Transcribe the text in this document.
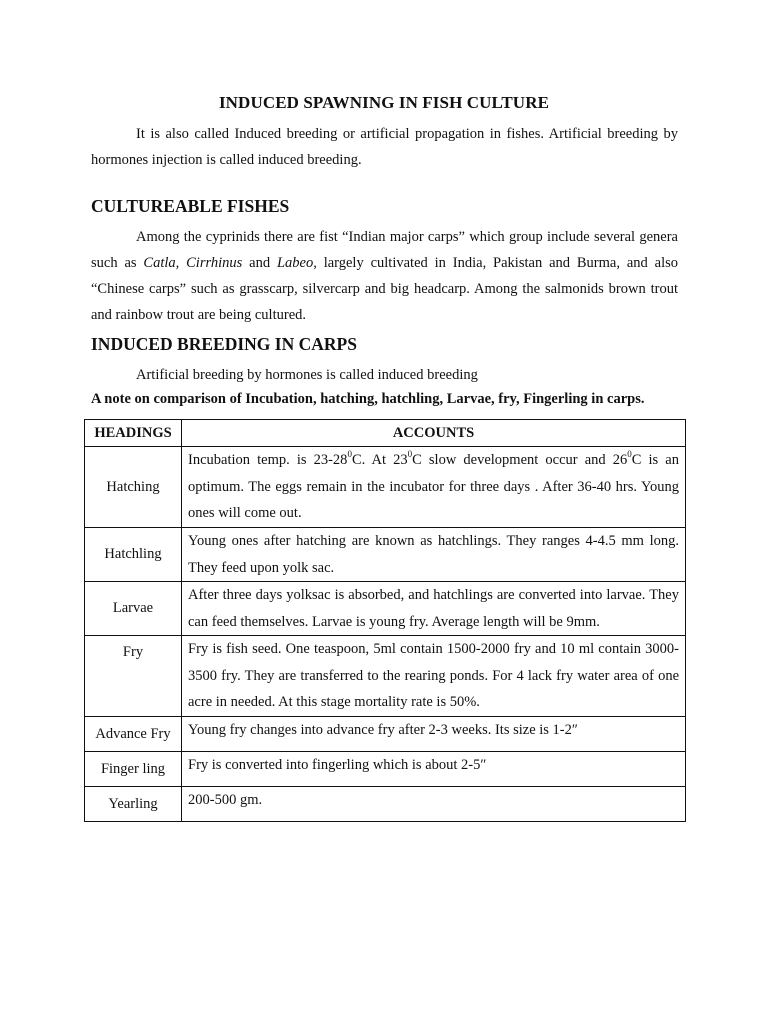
INDUCED SPAWNING IN FISH CULTURE

It is also called Induced breeding or artificial propagation in fishes. Artificial breeding by hormones injection is called induced breeding.

CULTUREABLE FISHES

Among the cyprinids there are fist “Indian major carps” which group include several genera such as Catla, Cirrhinus and Labeo, largely cultivated in India, Pakistan and Burma, and also “Chinese carps” such as grasscarp, silvercarp and big headcarp. Among the salmonids brown trout and rainbow trout are being cultured.

INDUCED BREEDING IN CARPS

Artificial breeding by hormones is called induced breeding

A note on comparison of Incubation, hatching, hatchling, Larvae, fry, Fingerling in carps.
HEADINGS	ACCOUNTS
Hatching	Incubation temp. is $23-28^0C$. At $23^0C$ slow development occur and $26^0C$ is an optimum. The eggs remain in the incubator for three days . After 36-40 hrs. Young ones will come out.
Hatchling	Young ones after hatching are known as hatchlings. They ranges 4-4.5 mm long. They feed upon yolk sac.
Larvae	After three days yolksac is absorbed, and hatchlings are converted into larvae. They can feed themselves. Larvae is young fry. Average length will be 9mm.
Fry	Fry is fish seed. One teaspoon, 5ml contain 1500-2000 fry and 10 ml contain 3000-3500 fry. They are transferred to the rearing ponds. For 4 lack fry water area of one acre in needed. At this stage mortality rate is 50%.
Advance Fry	Young fry changes into advance fry after 2-3 weeks. Its size is 1-2″
Finger ling	Fry is converted into fingerling which is about 2-5″
Yearling	200-500 gm.
